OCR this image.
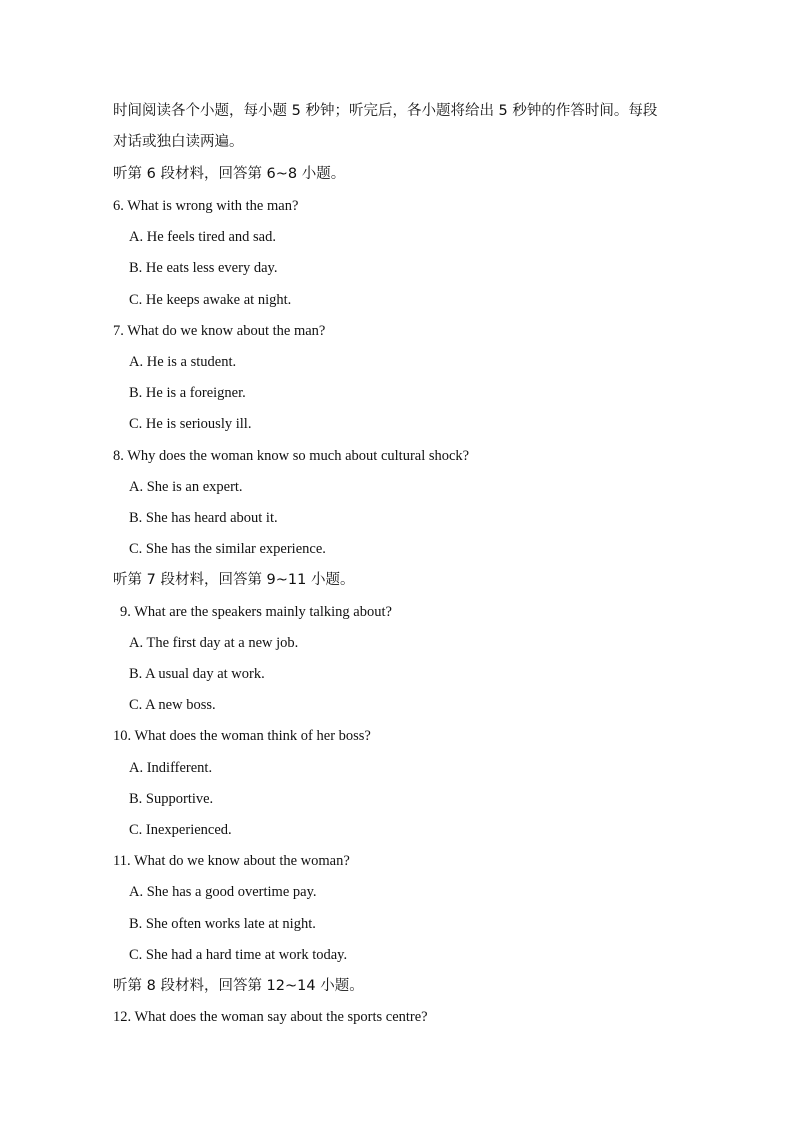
时间阅读各个小题，每小题 5 秒钟；听完后，各小题将给出 5 秒钟的作答时间。每段
对话或独白读两遍。
听第 6 段材料，回答第 6~8 小题。
6. What is wrong with the man?
A. He feels tired and sad.
B. He eats less every day.
C. He keeps awake at night.
7. What do we know about the man?
A. He is a student.
B. He is a foreigner.
C. He is seriously ill.
8. Why does the woman know so much about cultural shock?
A. She is an expert.
B. She has heard about it.
C. She has the similar experience.
听第 7 段材料，回答第 9~11 小题。
9. What are the speakers mainly talking about?
A. The first day at a new job.
B. A usual day at work.
C. A new boss.
10. What does the woman think of her boss?
A. Indifferent.
B. Supportive.
C. Inexperienced.
11. What do we know about the woman?
A. She has a good overtime pay.
B. She often works late at night.
C. She had a hard time at work today.
听第 8 段材料，回答第 12~14 小题。
12. What does the woman say about the sports centre?
